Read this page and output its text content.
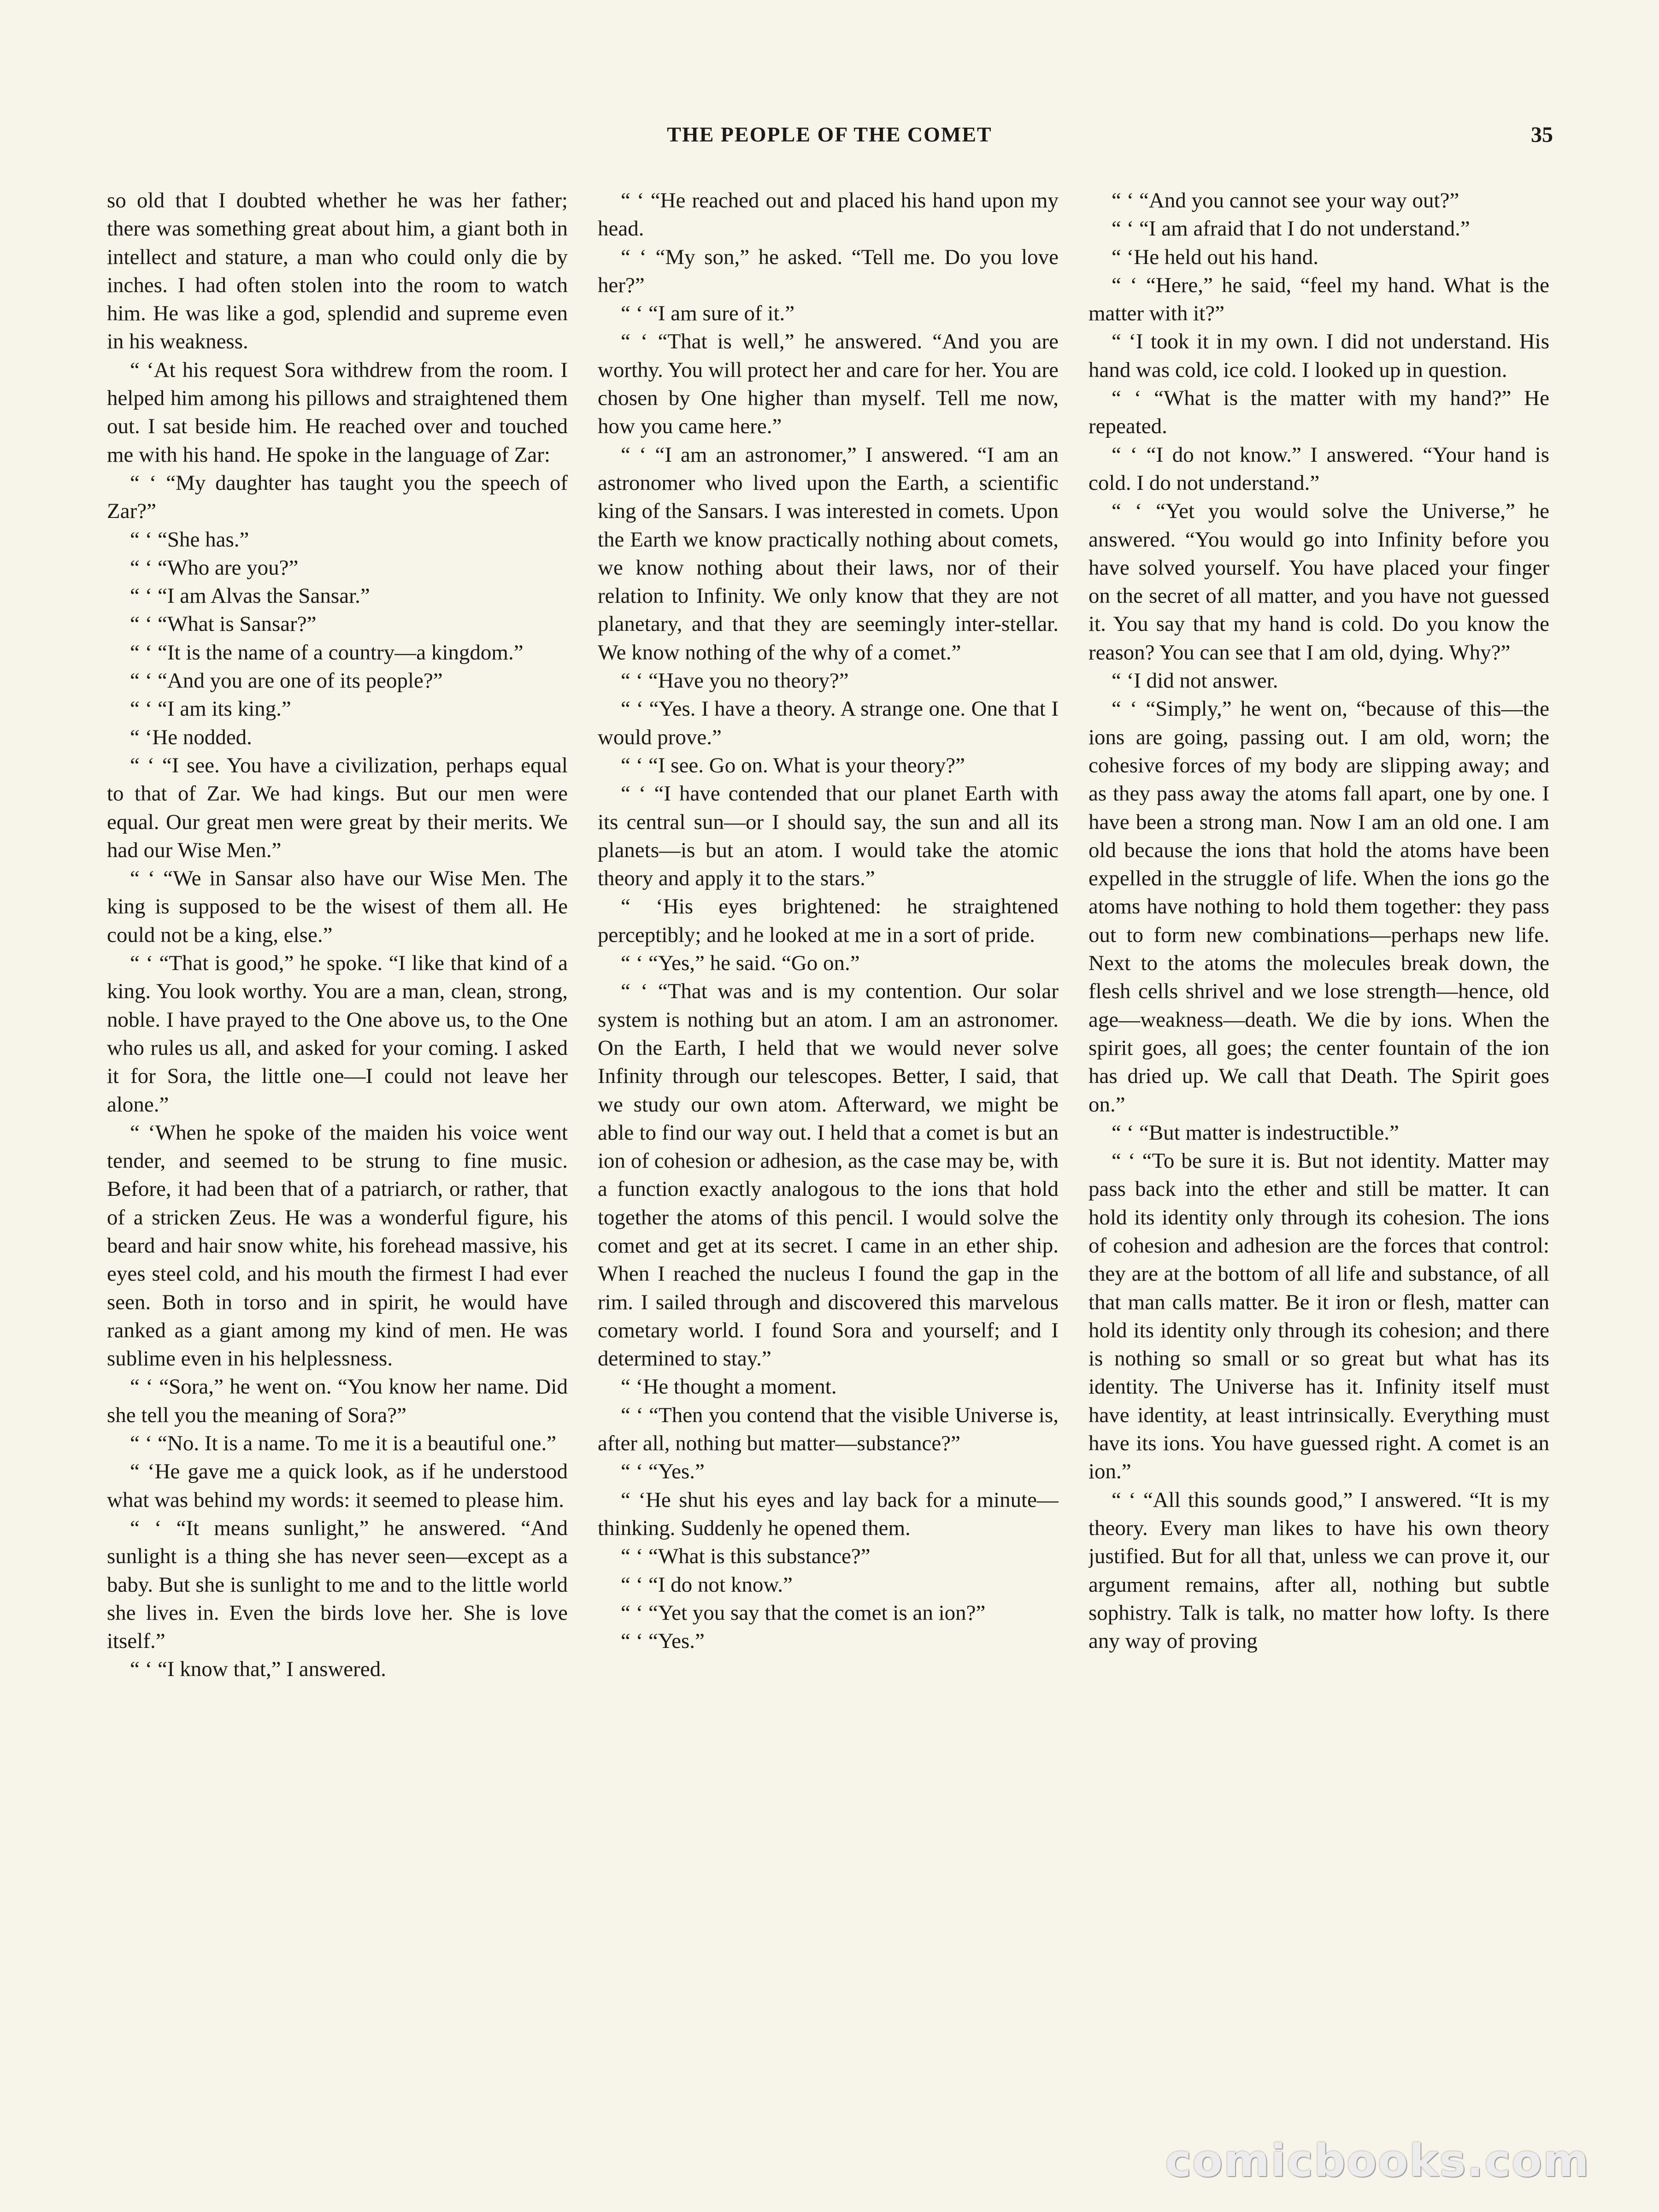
THE PEOPLE OF THE COMET	35

so old that I doubted whether he was her father; there was something great about him, a giant both in intellect and stature, a man who could only die by inches. I had often stolen into the room to watch him. He was like a god, splendid and supreme even in his weakness.

“ ‘At his request Sora withdrew from the room. I helped him among his pillows and straightened them out. I sat beside him. He reached over and touched me with his hand. He spoke in the language of Zar:

“ ‘ “My daughter has taught you the speech of Zar?”

“ ‘ “She has.”

“ ‘ “Who are you?”

“ ‘ “I am Alvas the Sansar.”

“ ‘ “What is Sansar?”

“ ‘ “It is the name of a country—a kingdom.”

“ ‘ “And you are one of its people?”

“ ‘ “I am its king.”

“ ‘He nodded.

“ ‘ “I see. You have a civilization, perhaps equal to that of Zar. We had kings. But our men were equal. Our great men were great by their merits. We had our Wise Men.”

“ ‘ “We in Sansar also have our Wise Men. The king is supposed to be the wisest of them all. He could not be a king, else.”

“ ‘ “That is good,” he spoke. “I like that kind of a king. You look worthy. You are a man, clean, strong, noble. I have prayed to the One above us, to the One who rules us all, and asked for your coming. I asked it for Sora, the little one—I could not leave her alone.”

“ ‘When he spoke of the maiden his voice went tender, and seemed to be strung to fine music. Before, it had been that of a patriarch, or rather, that of a stricken Zeus. He was a wonderful figure, his beard and hair snow white, his forehead massive, his eyes steel cold, and his mouth the firmest I had ever seen. Both in torso and in spirit, he would have ranked as a giant among my kind of men. He was sublime even in his helplessness.

“ ‘ “Sora,” he went on. “You know her name. Did she tell you the meaning of Sora?”

“ ‘ “No. It is a name. To me it is a beautiful one.”

“ ‘He gave me a quick look, as if he understood what was behind my words: it seemed to please him.

“ ‘ “It means sunlight,” he answered. “And sunlight is a thing she has never seen—except as a baby. But she is sunlight to me and to the little world she lives in. Even the birds love her. She is love itself.”

“ ‘ “I know that,” I answered.

“ ‘ “He reached out and placed his hand upon my head.

“ ‘ “My son,” he asked. “Tell me. Do you love her?”

“ ‘ “I am sure of it.”

“ ‘ “That is well,” he answered. “And you are worthy. You will protect her and care for her. You are chosen by One higher than myself. Tell me now, how you came here.”

“ ‘ “I am an astronomer,” I answered. “I am an astronomer who lived upon the Earth, a scientific king of the Sansars. I was interested in comets. Upon the Earth we know practically nothing about comets, we know nothing about their laws, nor of their relation to Infinity. We only know that they are not planetary, and that they are seemingly inter-stellar. We know nothing of the why of a comet.”

“ ‘ “Have you no theory?”

“ ‘ “Yes. I have a theory. A strange one. One that I would prove.”

“ ‘ “I see. Go on. What is your theory?”

“ ‘ “I have contended that our planet Earth with its central sun—or I should say, the sun and all its planets—is but an atom. I would take the atomic theory and apply it to the stars.”

“ ‘His eyes brightened: he straightened perceptibly; and he looked at me in a sort of pride.

“ ‘ “Yes,” he said. “Go on.”

“ ‘ “That was and is my contention. Our solar system is nothing but an atom. I am an astronomer. On the Earth, I held that we would never solve Infinity through our telescopes. Better, I said, that we study our own atom. Afterward, we might be able to find our way out. I held that a comet is but an ion of cohesion or adhesion, as the case may be, with a function exactly analogous to the ions that hold together the atoms of this pencil. I would solve the comet and get at its secret. I came in an ether ship. When I reached the nucleus I found the gap in the rim. I sailed through and discovered this marvelous cometary world. I found Sora and yourself; and I determined to stay.”

“ ‘He thought a moment.

“ ‘ “Then you contend that the visible Universe is, after all, nothing but matter—substance?”

“ ‘ “Yes.”

“ ‘He shut his eyes and lay back for a minute—thinking. Suddenly he opened them.

“ ‘ “What is this substance?”

“ ‘ “I do not know.”

“ ‘ “Yet you say that the comet is an ion?”

“ ‘ “Yes.”

“ ‘ “And you cannot see your way out?”

“ ‘ “I am afraid that I do not understand.”

“ ‘He held out his hand.

“ ‘ “Here,” he said, “feel my hand. What is the matter with it?”

“ ‘I took it in my own. I did not understand. His hand was cold, ice cold. I looked up in question.

“ ‘ “What is the matter with my hand?” He repeated.

“ ‘ “I do not know.” I answered. “Your hand is cold. I do not understand.”

“ ‘ “Yet you would solve the Universe,” he answered. “You would go into Infinity before you have solved yourself. You have placed your finger on the secret of all matter, and you have not guessed it. You say that my hand is cold. Do you know the reason? You can see that I am old, dying. Why?”

“ ‘I did not answer.

“ ‘ “Simply,” he went on, “because of this—the ions are going, passing out. I am old, worn; the cohesive forces of my body are slipping away; and as they pass away the atoms fall apart, one by one. I have been a strong man. Now I am an old one. I am old because the ions that hold the atoms have been expelled in the struggle of life. When the ions go the atoms have nothing to hold them together: they pass out to form new combinations—perhaps new life. Next to the atoms the molecules break down, the flesh cells shrivel and we lose strength—hence, old age—weakness—death. We die by ions. When the spirit goes, all goes; the center fountain of the ion has dried up. We call that Death. The Spirit goes on.”

“ ‘ “But matter is indestructible.”

“ ‘ “To be sure it is. But not identity. Matter may pass back into the ether and still be matter. It can hold its identity only through its cohesion. The ions of cohesion and adhesion are the forces that control: they are at the bottom of all life and substance, of all that man calls matter. Be it iron or flesh, matter can hold its identity only through its cohesion; and there is nothing so small or so great but what has its identity. The Universe has it. Infinity itself must have identity, at least intrinsically. Everything must have its ions. You have guessed right. A comet is an ion.”

“ ‘ “All this sounds good,” I answered. “It is my theory. Every man likes to have his own theory justified. But for all that, unless we can prove it, our argument remains, after all, nothing but subtle sophistry. Talk is talk, no matter how lofty. Is there any way of proving

comicbooks.com
